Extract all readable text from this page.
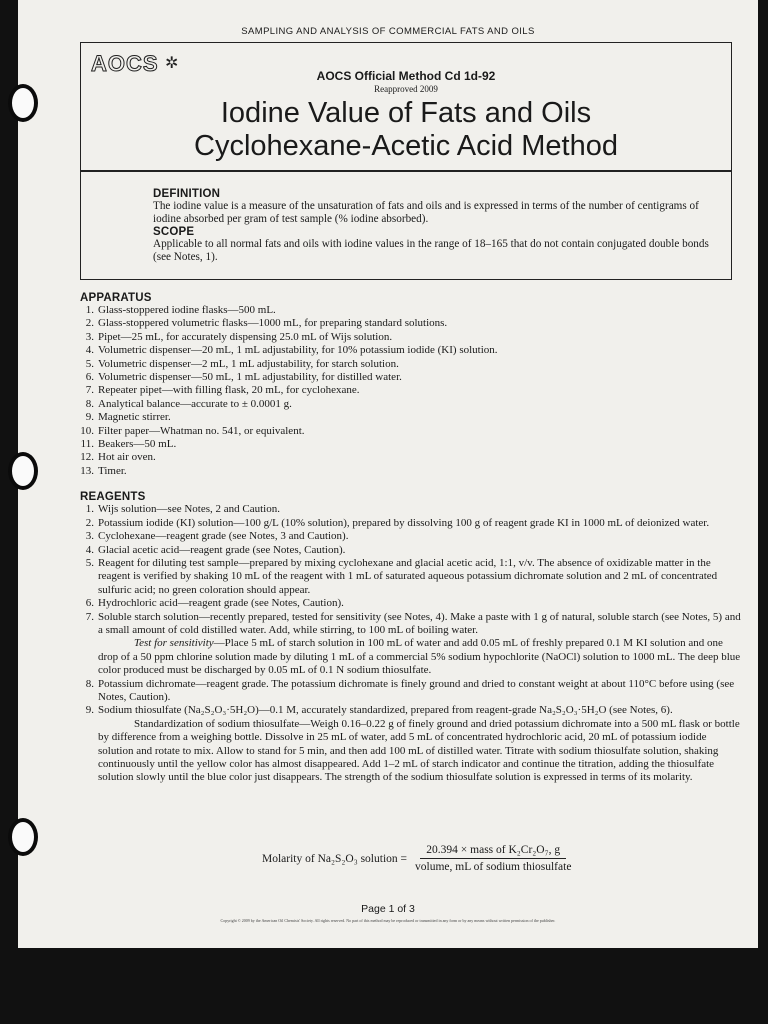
SAMPLING AND ANALYSIS OF COMMERCIAL FATS AND OILS
AOCS ✲
AOCS Official Method Cd 1d-92
Reapproved 2009
Iodine Value of Fats and Oils
Cyclohexane-Acetic Acid Method
DEFINITION

The iodine value is a measure of the unsaturation of fats and oils and is expressed in terms of the number of centigrams of iodine absorbed per gram of test sample (% iodine absorbed).

SCOPE

Applicable to all normal fats and oils with iodine values in the range of 18–165 that do not contain conjugated double bonds (see Notes, 1).

APPARATUS
1. Glass-stoppered iodine flasks—500 mL.
2. Glass-stoppered volumetric flasks—1000 mL, for preparing standard solutions.
3. Pipet—25 mL, for accurately dispensing 25.0 mL of Wijs solution.
4. Volumetric dispenser—20 mL, 1 mL adjustability, for 10% potassium iodide (KI) solution.
5. Volumetric dispenser—2 mL, 1 mL adjustability, for starch solution.
6. Volumetric dispenser—50 mL, 1 mL adjustability, for distilled water.
7. Repeater pipet—with filling flask, 20 mL, for cyclohexane.
8. Analytical balance—accurate to ± 0.0001 g.
9. Magnetic stirrer.
10. Filter paper—Whatman no. 541, or equivalent.
11. Beakers—50 mL.
12. Hot air oven.
13. Timer.
REAGENTS
1. Wijs solution—see Notes, 2 and Caution.
2. Potassium iodide (KI) solution—100 g/L (10% solution), prepared by dissolving 100 g of reagent grade KI in 1000 mL of deionized water.
3. Cyclohexane—reagent grade (see Notes, 3 and Caution).
4. Glacial acetic acid—reagent grade (see Notes, Caution).
5. Reagent for diluting test sample—prepared by mixing cyclohexane and glacial acetic acid, 1:1, v/v. The absence of oxidizable matter in the reagent is verified by shaking 10 mL of the reagent with 1 mL of saturated aqueous potassium dichromate solution and 2 mL of concentrated sulfuric acid; no green coloration should appear.
6. Hydrochloric acid—reagent grade (see Notes, Caution).
7. Soluble starch solution—recently prepared, tested for sensitivity (see Notes, 4). Make a paste with 1 g of natural, soluble starch (see Notes, 5) and a small amount of cold distilled water. Add, while stirring, to 100 mL of boiling water.

Test for sensitivity—Place 5 mL of starch solution in 100 mL of water and add 0.05 mL of freshly prepared 0.1 M KI solution and one drop of a 50 ppm chlorine solution made by diluting 1 mL of a commercial 5% sodium hypochlorite (NaOCl) solution to 1000 mL. The deep blue color produced must be discharged by 0.05 mL of 0.1 N sodium thiosulfate.

8. Potassium dichromate—reagent grade. The potassium dichromate is finely ground and dried to constant weight at about 110°C before using (see Notes, Caution).
9. Sodium thiosulfate (Na₂S₂O₃·5H₂O)—0.1 M, accurately standardized, prepared from reagent-grade Na₂S₂O₃·5H₂O (see Notes, 6).

Standardization of sodium thiosulfate—Weigh 0.16–0.22 g of finely ground and dried potassium dichromate into a 500 mL flask or bottle by difference from a weighing bottle. Dissolve in 25 mL of water, add 5 mL of concentrated hydrochloric acid, 20 mL of potassium iodide solution and rotate to mix. Allow to stand for 5 min, and then add 100 mL of distilled water. Titrate with sodium thiosulfate solution, shaking continuously until the yellow color has almost disappeared. Add 1–2 mL of starch indicator and continue the titration, adding the thiosulfate solution slowly until the blue color just disappears. The strength of the sodium thiosulfate solution is expressed in terms of its molarity.

Molarity of Na₂S₂O₃ solution = $\frac{\text{20.394 × mass of K₂Cr₂O₇, g}}{\text{volume, mL of sodium thiosulfate}}$
Page 1 of 3
Copyright © 2009 by the American Oil Chemists' Society. All rights reserved. No part of this method may be reproduced or transmitted in any form or by any means without written permission of the publisher.
